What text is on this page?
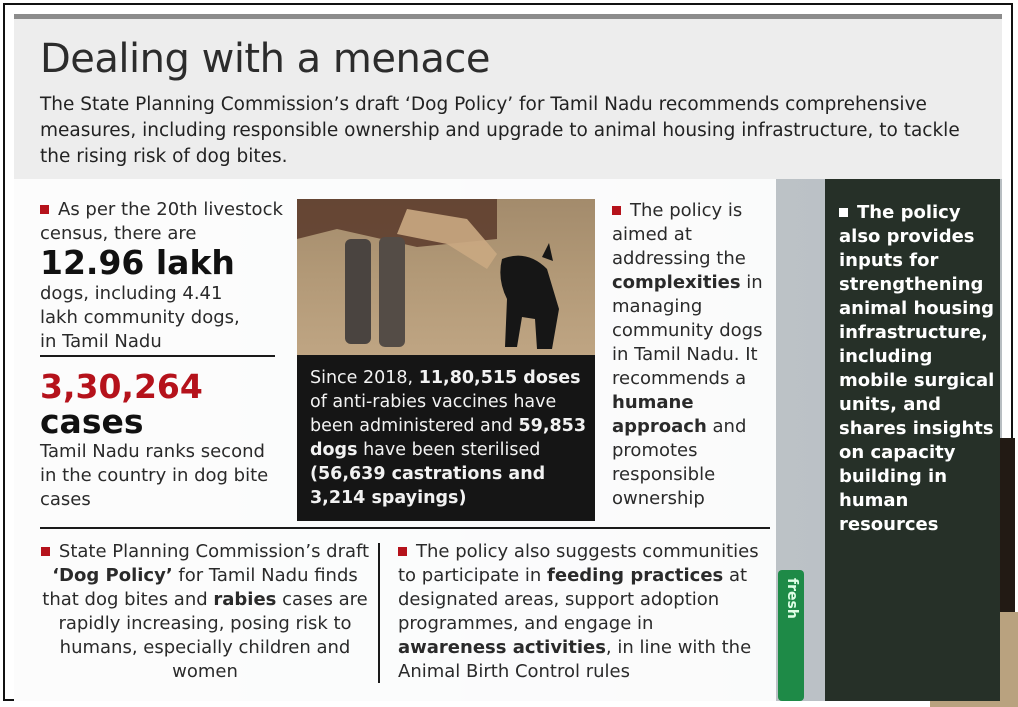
fresh
Dealing with a menace

The State Planning Commission’s draft ‘Dog Policy’ for Tamil Nadu recommends comprehensive measures, including responsible ownership and upgrade to animal housing infrastructure, to tackle the rising risk of dog bites.

As per the 20th livestock census, there are

12.96 lakh

dogs, including 4.41 lakh community dogs, in Tamil Nadu

3,30,264

cases

Tamil Nadu ranks second in the country in dog bite cases

Since 2018, 11,80,515 doses of anti-rabies vaccines have been administered and 59,853 dogs have been sterilised (56,639 castrations and 3,214 spayings)

The policy is aimed at addressing the complexities in managing community dogs in Tamil Nadu. It recommends a humane approach and promotes responsible ownership

The policy also provides inputs for strengthening animal housing infrastructure, including mobile surgical units, and shares insights on capacity building in human resources

State Planning Commission’s draft ‘Dog Policy’ for Tamil Nadu finds that dog bites and rabies cases are rapidly increasing, posing risk to humans, especially children and women

The policy also suggests communities to participate in feeding practices at designated areas, support adoption programmes, and engage in awareness activities, in line with the Animal Birth Control rules
